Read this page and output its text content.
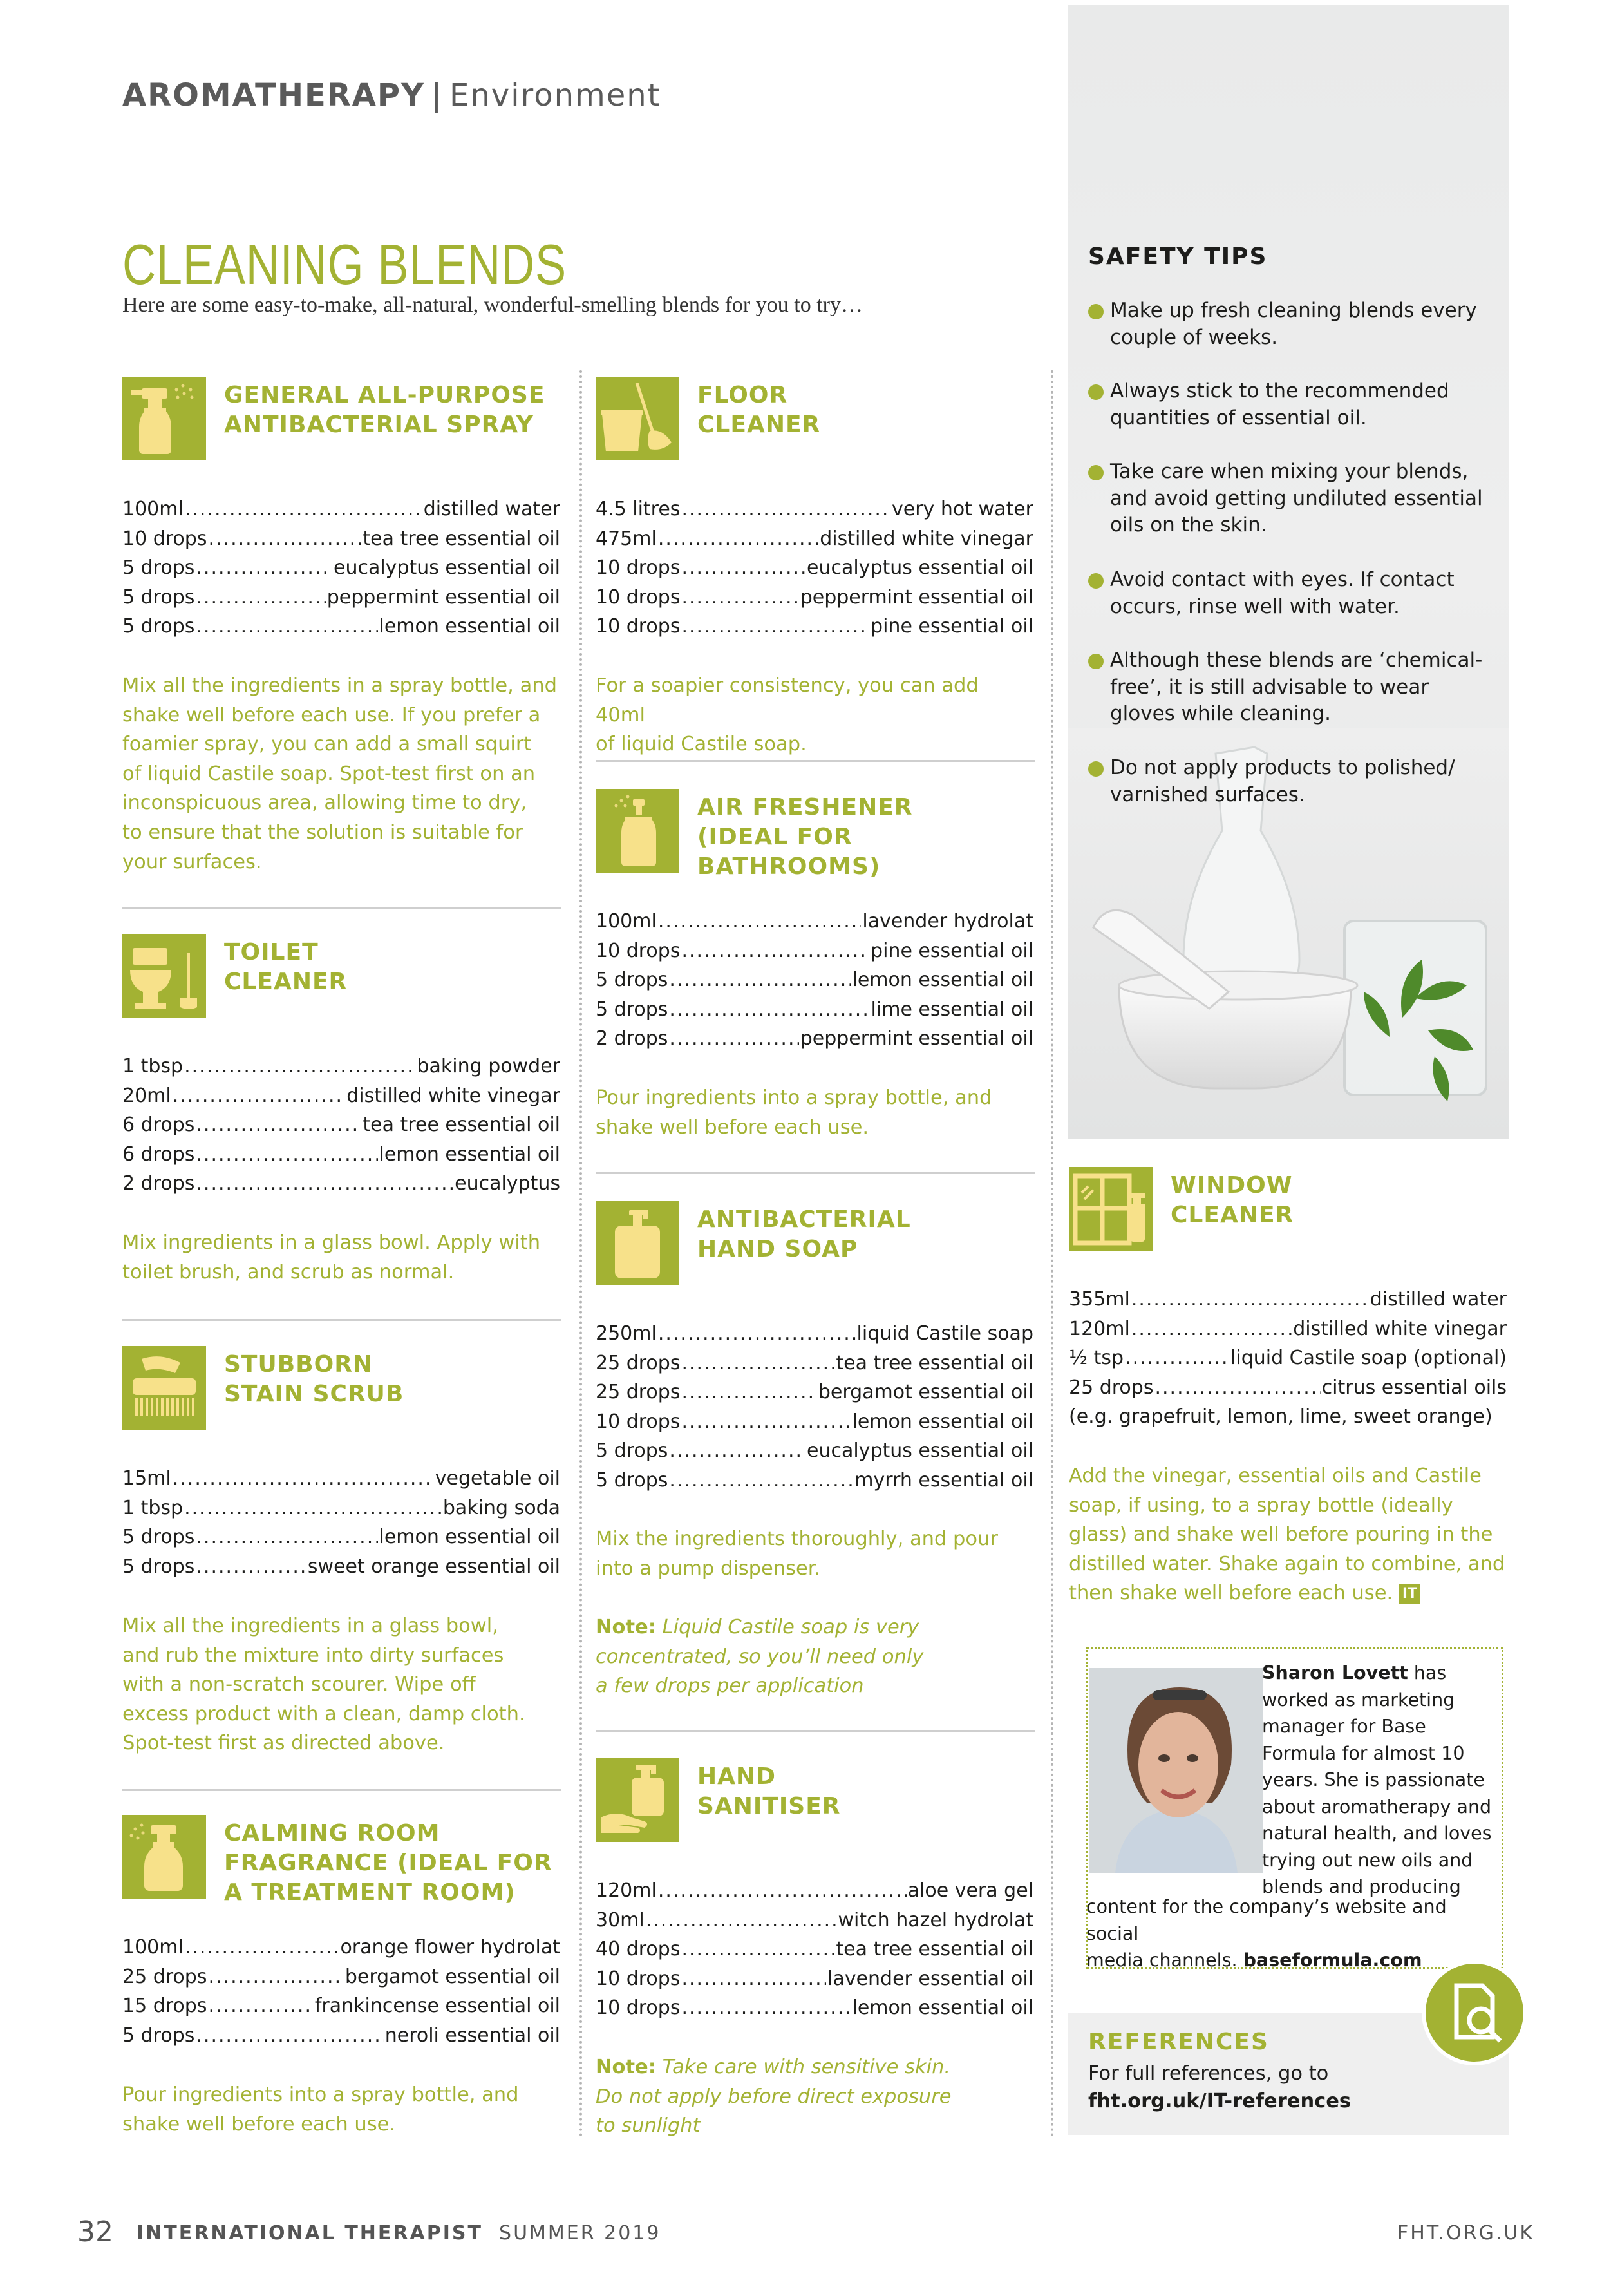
AROMATHERAPY | Environment
CLEANING BLENDS
Here are some easy-to-make, all-natural, wonderful-smelling blends for you to try…
GENERAL ALL-PURPOSE
ANTIBACTERIAL SPRAY
100ml .....	distilled water
10 drops .....	tea tree essential oil
5 drops .....	eucalyptus essential oil
5 drops .....	peppermint essential oil
5 drops .....	lemon essential oil
Mix all the ingredients in a spray bottle, and
shake well before each use. If you prefer a
foamier spray, you can add a small squirt
of liquid Castile soap. Spot-test first on an
inconspicuous area, allowing time to dry,
to ensure that the solution is suitable for
your surfaces.
TOILET
CLEANER
1 tbsp .....	baking powder
20ml .....	distilled white vinegar
6 drops .....	tea tree essential oil
6 drops .....	lemon essential oil
2 drops .....	eucalyptus
Mix ingredients in a glass bowl. Apply with
toilet brush, and scrub as normal.
STUBBORN
STAIN SCRUB
15ml .....	vegetable oil
1 tbsp .....	baking soda
5 drops .....	lemon essential oil
5 drops .....	sweet orange essential oil
Mix all the ingredients in a glass bowl,
and rub the mixture into dirty surfaces
with a non-scratch scourer. Wipe off
excess product with a clean, damp cloth.
Spot-test first as directed above.
CALMING ROOM
FRAGRANCE (IDEAL FOR
A TREATMENT ROOM)
100ml .....	orange flower hydrolat
25 drops .....	bergamot essential oil
15 drops .....	frankincense essential oil
5 drops .....	neroli essential oil
Pour ingredients into a spray bottle, and
shake well before each use.
FLOOR
CLEANER
4.5 litres .....	very hot water
475ml .....	distilled white vinegar
10 drops .....	eucalyptus essential oil
10 drops .....	peppermint essential oil
10 drops .....	pine essential oil
For a soapier consistency, you can add 40ml
of liquid Castile soap.
AIR FRESHENER
(IDEAL FOR BATHROOMS)
100ml .....	lavender hydrolat
10 drops .....	pine essential oil
5 drops .....	lemon essential oil
5 drops .....	lime essential oil
2 drops .....	peppermint essential oil
Pour ingredients into a spray bottle, and
shake well before each use.
ANTIBACTERIAL
HAND SOAP
250ml .....	liquid Castile soap
25 drops .....	tea tree essential oil
25 drops .....	bergamot essential oil
10 drops .....	lemon essential oil
5 drops .....	eucalyptus essential oil
5 drops .....	myrrh essential oil
Mix the ingredients thoroughly, and pour
into a pump dispenser.
Note: Liquid Castile soap is very
concentrated, so you’ll need only
a few drops per application
HAND
SANITISER
120ml .....	aloe vera gel
30ml .....	witch hazel hydrolat
40 drops .....	tea tree essential oil
10 drops .....	lavender essential oil
10 drops .....	lemon essential oil
Note: Take care with sensitive skin.
Do not apply before direct exposure
to sunlight
SAFETY TIPS
Make up fresh cleaning blends every
couple of weeks.
Always stick to the recommended
quantities of essential oil.
Take care when mixing your blends,
and avoid getting undiluted essential
oils on the skin.
Avoid contact with eyes. If contact
occurs, rinse well with water.
Although these blends are ‘chemical-
free’, it is still advisable to wear
gloves while cleaning.
Do not apply products to polished/
varnished surfaces.
WINDOW
CLEANER
355ml .....	distilled water
120ml .....	distilled white vinegar
½ tsp .....	liquid Castile soap (optional)
25 drops .....	citrus essential oils
(e.g. grapefruit, lemon, lime, sweet orange)
Add the vinegar, essential oils and Castile
soap, if using, to a spray bottle (ideally
glass) and shake well before pouring in the
distilled water. Shake again to combine, and
then shake well before each use. IT
Sharon Lovett has
worked as marketing
manager for Base
Formula for almost 10
years. She is passionate
about aromatherapy and
natural health, and loves
trying out new oils and
blends and producing
content for the company’s website and social
media channels. baseformula.com
REFERENCES
For full references, go to
fht.org.uk/IT-references
32 INTERNATIONAL THERAPIST SUMMER 2019	FHT.ORG.UK
